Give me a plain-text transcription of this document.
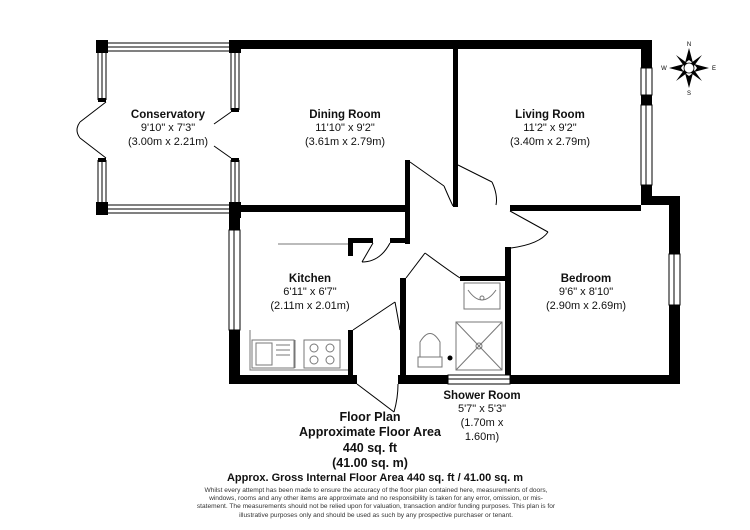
N
S
E
W
Conservatory
9'10" x 7'3"
(3.00m x 2.21m)
Dining Room
11'10" x 9'2"
(3.61m x 2.79m)
Living Room
11'2" x 9'2"
(3.40m x 2.79m)
Kitchen
6'11" x 6'7"
(2.11m x 2.01m)
Bedroom
9'6" x 8'10"
(2.90m x 2.69m)
Shower Room
5'7" x 5'3"
(1.70m x 1.60m)
Floor Plan
Approximate Floor Area
440 sq. ft
(41.00 sq. m)
Approx. Gross Internal Floor Area 440 sq. ft / 41.00 sq. m
Whilst every attempt has been made to ensure the accuracy of the floor plan contained here, measurements of doors, windows, rooms and any other items are approximate and no responsibility is taken for any error, omission, or mis-statement. The measurements should not be relied upon for valuation, transaction and/or funding purposes. This plan is for illustrative purposes only and should be used as such by any prospective purchaser or tenant.
